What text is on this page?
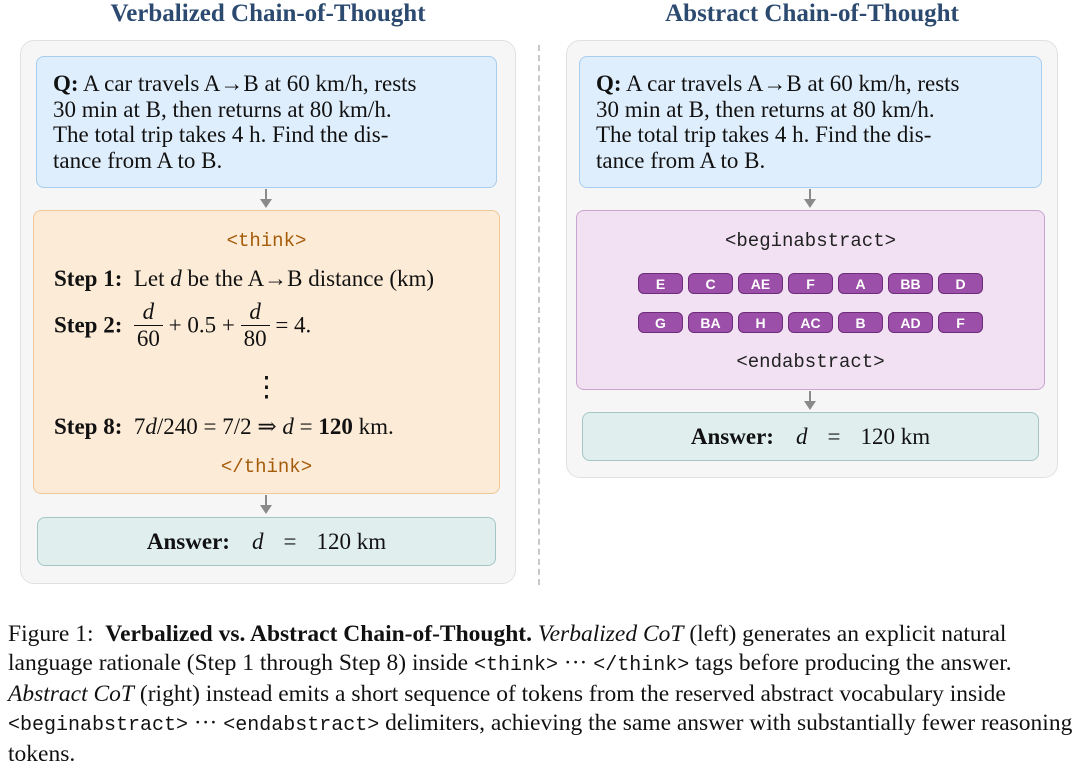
Verbalized Chain-of-Thought	Abstract Chain-of-Thought
Q: A car travels A→B at 60 km/h, rests
30 min at B, then returns at 80 km/h.
The total trip takes 4 h. Find the dis-
tance from A to B.
<think>
Step 1: Let d be the A→B distance (km)
Step 2: $\frac{d}{60} + 0.5 + \frac{d}{80} = 4$.
⋮
Step 8: 7d/240 = 7/2 ⇒ d = 120 km.
</think>
Answer: d = 120 km
Q: A car travels A→B at 60 km/h, rests
30 min at B, then returns at 80 km/h.
The total trip takes 4 h. Find the dis-
tance from A to B.
<beginabstract>
E	C	AE	F	A	BB	D
G	BA	H	AC	B	AD	F
<endabstract>
Answer: d = 120 km
Figure 1:  Verbalized vs. Abstract Chain-of-Thought. Verbalized CoT (left) generates an explicit natural language rationale (Step 1 through Step 8) inside <think> ··· </think> tags before producing the answer. Abstract CoT (right) instead emits a short sequence of tokens from the reserved abstract vocabulary inside <beginabstract> ··· <endabstract> delimiters, achieving the same answer with substantially fewer reasoning tokens.
